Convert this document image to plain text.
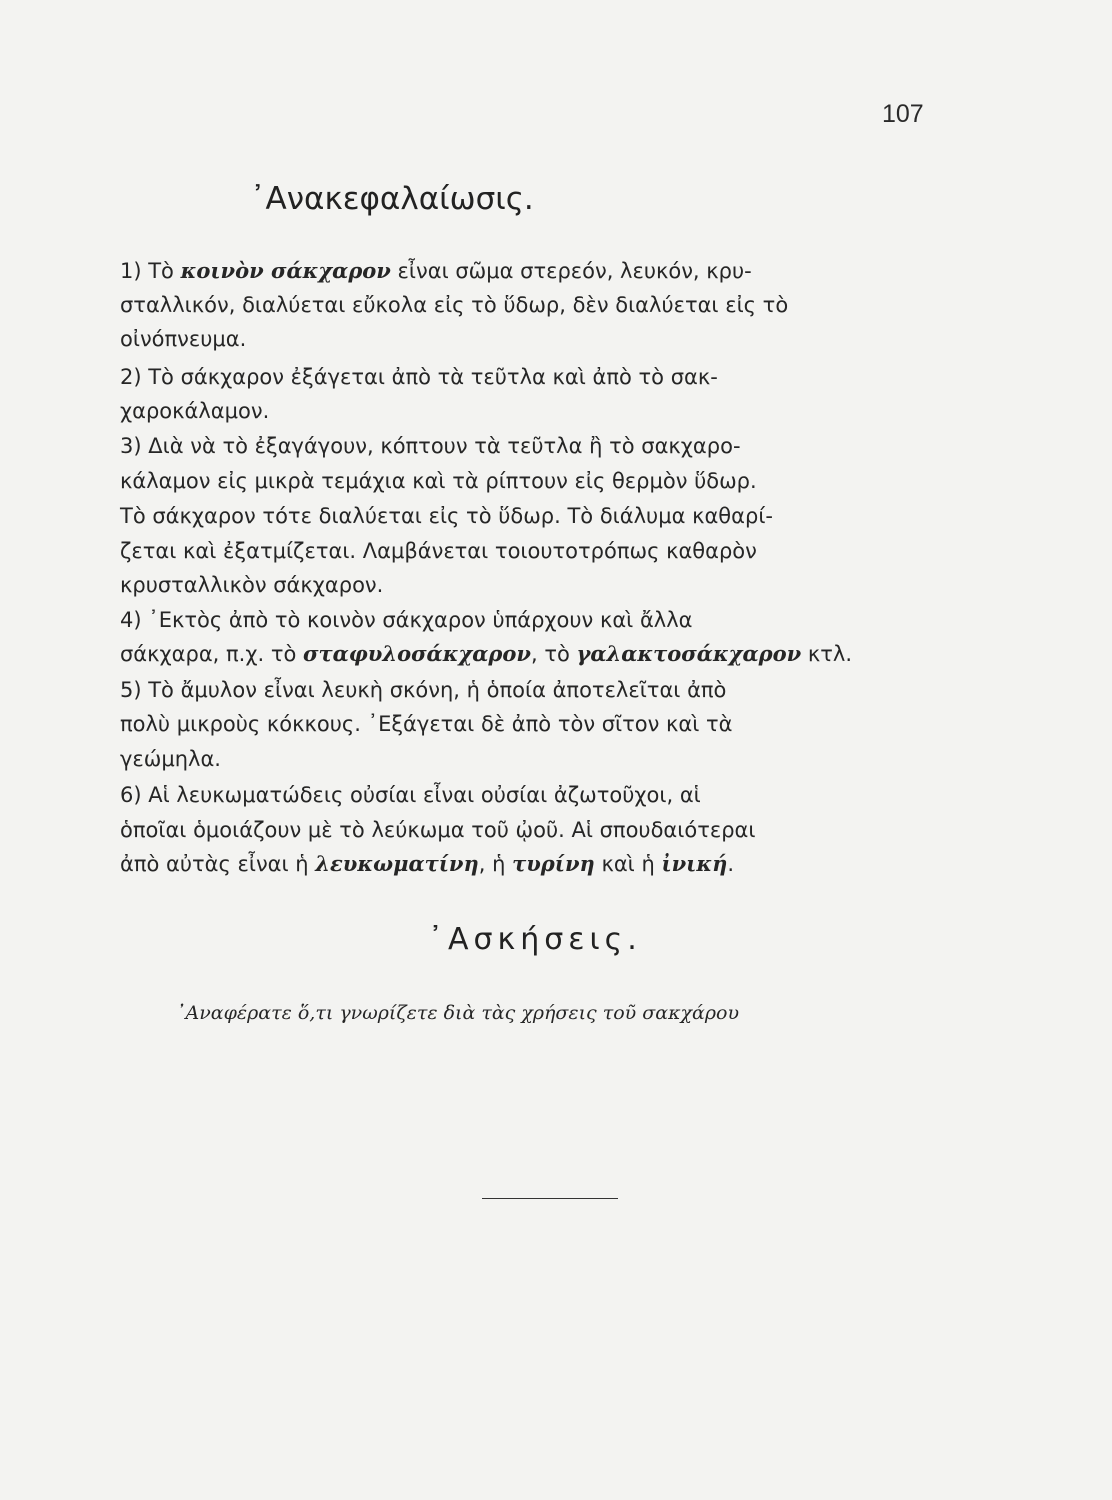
107
᾿Ανακεφαλαίωσις.
1) Τὸ κοινὸν σάκχαρον εἶναι σῶμα στερεόν, λευκόν, κρυ-
σταλλικόν, διαλύεται εὔκολα εἰς τὸ ὕδωρ, δὲν διαλύεται εἰς τὸ
οἰνόπνευμα.
2) Τὸ σάκχαρον ἐξάγεται ἀπὸ τὰ τεῦτλα καὶ ἀπὸ τὸ σακ-
χαροκάλαμον.
3) Διὰ νὰ τὸ ἐξαγάγουν, κόπτουν τὰ τεῦτλα ἢ τὸ σακχαρο-
κάλαμον εἰς μικρὰ τεμάχια καὶ τὰ ρίπτουν εἰς θερμὸν ὕδωρ.
Τὸ σάκχαρον τότε διαλύεται εἰς τὸ ὕδωρ. Τὸ διάλυμα καθαρί-
ζεται καὶ ἐξατμίζεται. Λαμβάνεται τοιουτοτρόπως καθαρὸν
κρυσταλλικὸν σάκχαρον.
4) ᾿Εκτὸς ἀπὸ τὸ κοινὸν σάκχαρον ὑπάρχουν καὶ ἄλλα
σάκχαρα, π.χ. τὸ σταφυλοσάκχαρον, τὸ γαλακτοσάκχαρον κτλ.
5) Τὸ ἄμυλον εἶναι λευκὴ σκόνη, ἡ ὁποία ἀποτελεῖται ἀπὸ
πολὺ μικροὺς κόκκους. ᾿Εξάγεται δὲ ἀπὸ τὸν σῖτον καὶ τὰ
γεώμηλα.
6) Αἱ λευκωματώδεις οὐσίαι εἶναι οὐσίαι ἀζωτοῦχοι, αἱ
ὁποῖαι ὁμοιάζουν μὲ τὸ λεύκωμα τοῦ ᾠοῦ. Αἱ σπουδαιότεραι
ἀπὸ αὐτὰς εἶναι ἡ λευκωματίνη, ἡ τυρίνη καὶ ἡ ἰνική.
᾿Ασκήσεις.
᾿Αναφέρατε ὅ,τι γνωρίζετε διὰ τὰς χρήσεις τοῦ σακχάρου
